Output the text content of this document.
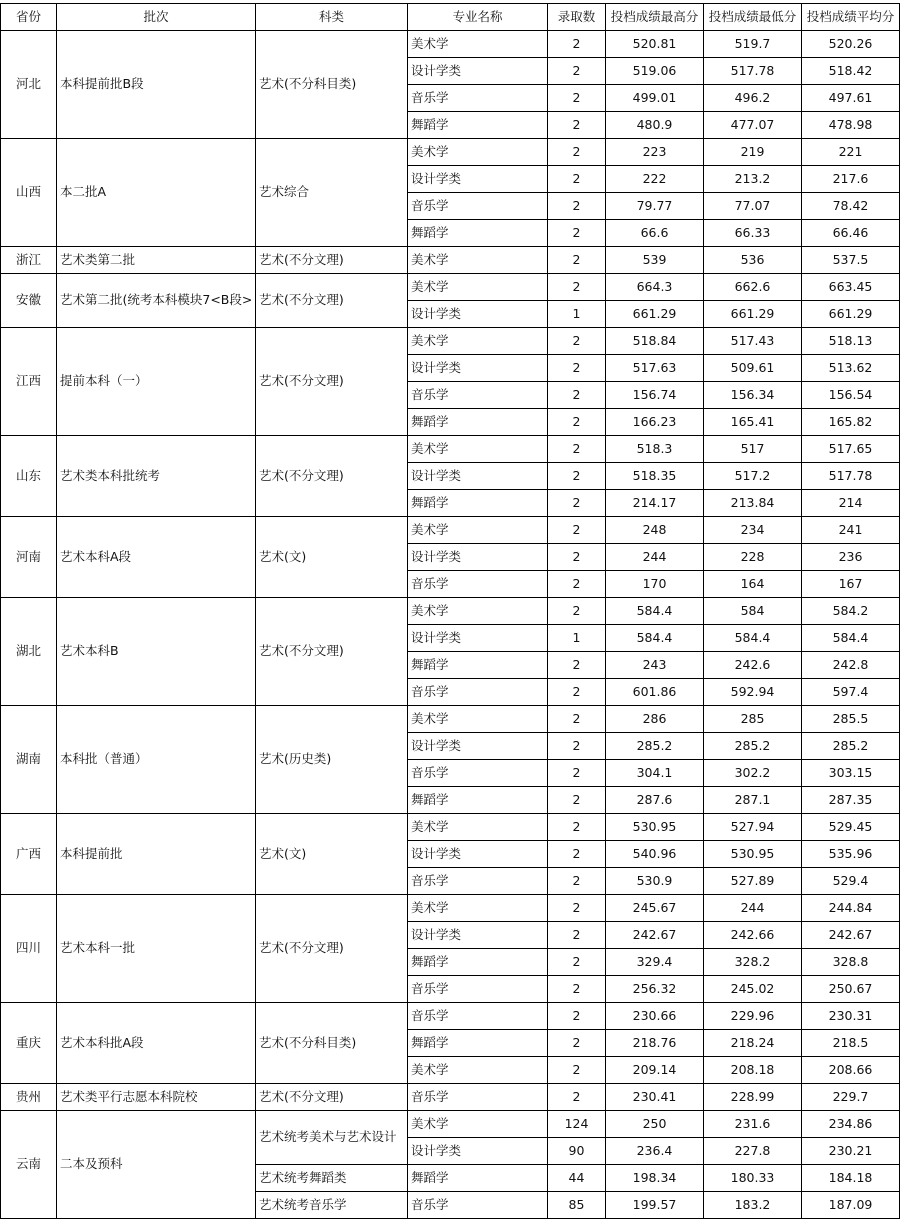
省份	批次	科类	专业名称	录取数	投档成绩最高分	投档成绩最低分	投档成绩平均分
河北	本科提前批B段	艺术(不分科目类)	美术学	2	520.81	519.7	520.26
			设计学类	2	519.06	517.78	518.42
			音乐学	2	499.01	496.2	497.61
			舞蹈学	2	480.9	477.07	478.98
山西	本二批A	艺术综合	美术学	2	223	219	221
			设计学类	2	222	213.2	217.6
			音乐学	2	79.77	77.07	78.42
			舞蹈学	2	66.6	66.33	66.46
浙江	艺术类第二批	艺术(不分文理)	美术学	2	539	536	537.5
安徽	艺术第二批(统考本科模块7<B段>	艺术(不分文理)	美术学	2	664.3	662.6	663.45
			设计学类	1	661.29	661.29	661.29
江西	提前本科（一）	艺术(不分文理)	美术学	2	518.84	517.43	518.13
			设计学类	2	517.63	509.61	513.62
			音乐学	2	156.74	156.34	156.54
			舞蹈学	2	166.23	165.41	165.82
山东	艺术类本科批统考	艺术(不分文理)	美术学	2	518.3	517	517.65
			设计学类	2	518.35	517.2	517.78
			舞蹈学	2	214.17	213.84	214
河南	艺术本科A段	艺术(文)	美术学	2	248	234	241
			设计学类	2	244	228	236
			音乐学	2	170	164	167
湖北	艺术本科B	艺术(不分文理)	美术学	2	584.4	584	584.2
			设计学类	1	584.4	584.4	584.4
			舞蹈学	2	243	242.6	242.8
			音乐学	2	601.86	592.94	597.4
湖南	本科批（普通）	艺术(历史类)	美术学	2	286	285	285.5
			设计学类	2	285.2	285.2	285.2
			音乐学	2	304.1	302.2	303.15
			舞蹈学	2	287.6	287.1	287.35
广西	本科提前批	艺术(文)	美术学	2	530.95	527.94	529.45
			设计学类	2	540.96	530.95	535.96
			音乐学	2	530.9	527.89	529.4
四川	艺术本科一批	艺术(不分文理)	美术学	2	245.67	244	244.84
			设计学类	2	242.67	242.66	242.67
			舞蹈学	2	329.4	328.2	328.8
			音乐学	2	256.32	245.02	250.67
重庆	艺术本科批A段	艺术(不分科目类)	音乐学	2	230.66	229.96	230.31
			舞蹈学	2	218.76	218.24	218.5
			美术学	2	209.14	208.18	208.66
贵州	艺术类平行志愿本科院校	艺术(不分文理)	音乐学	2	230.41	228.99	229.7
云南	二本及预科	艺术统考美术与艺术设计	美术学	124	250	231.6	234.86
			设计学类	90	236.4	227.8	230.21
		艺术统考舞蹈类	舞蹈学	44	198.34	180.33	184.18
		艺术统考音乐学	音乐学	85	199.57	183.2	187.09
